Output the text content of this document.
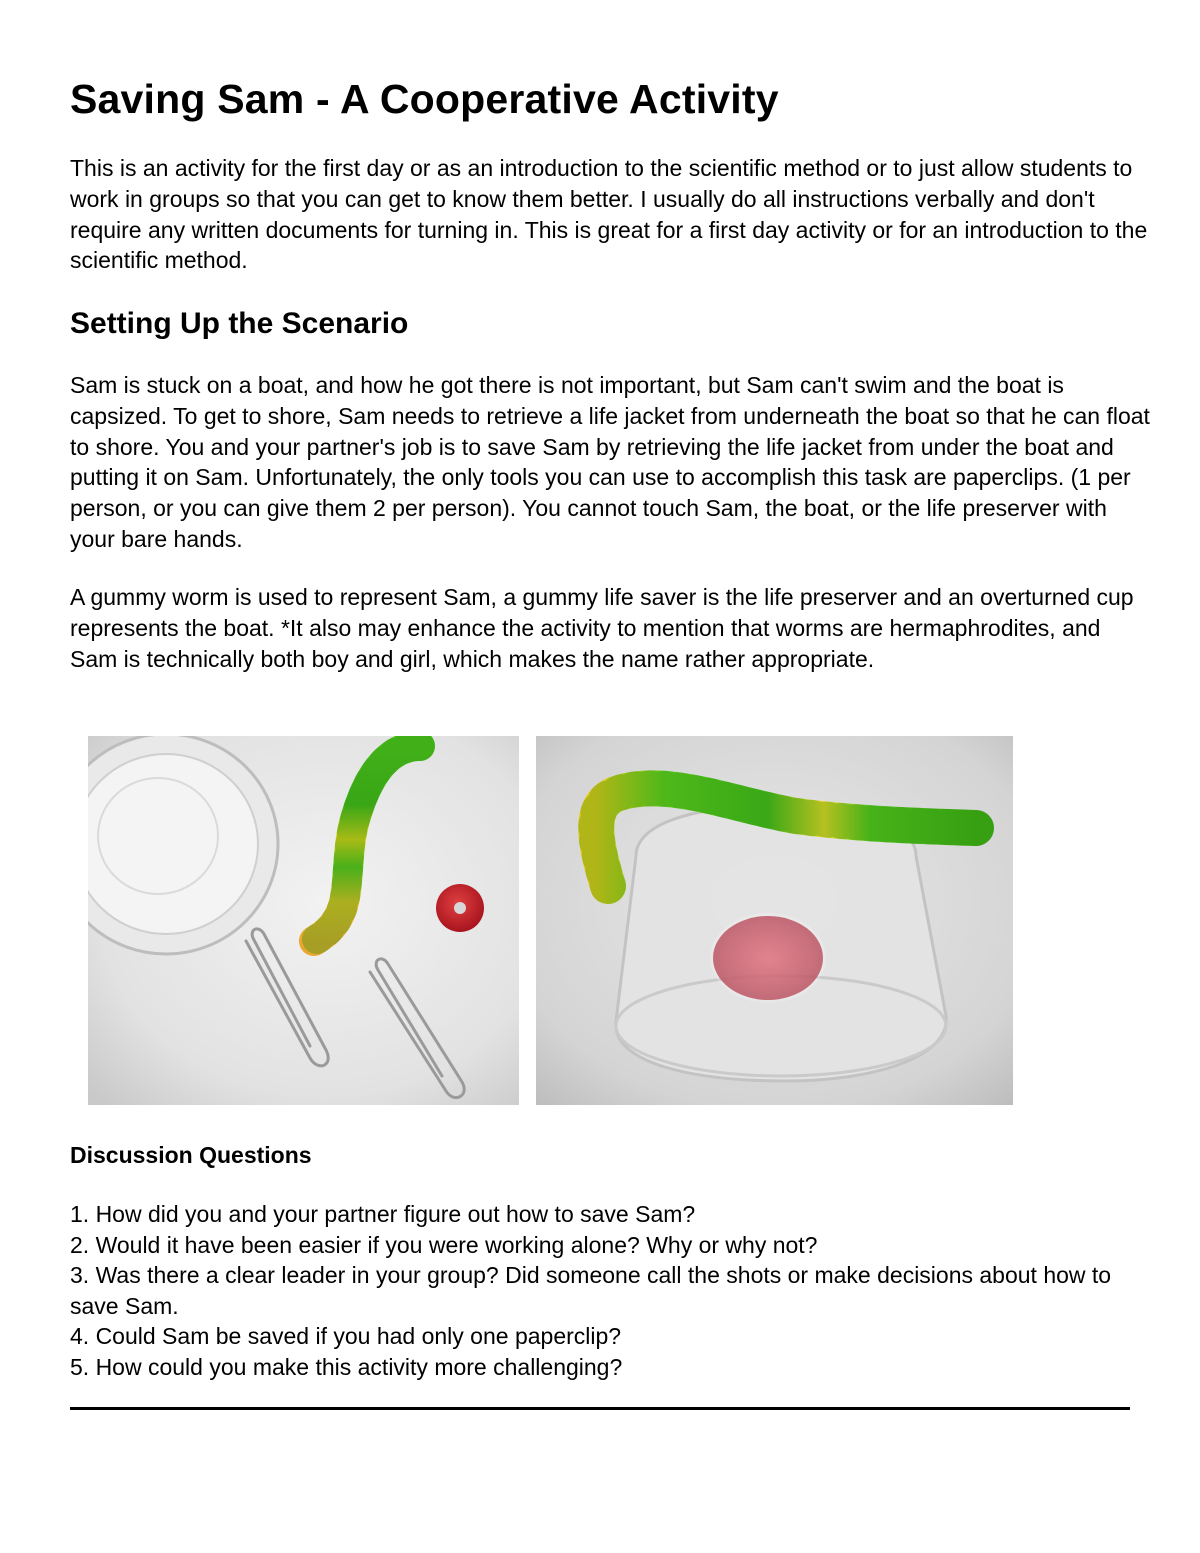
Saving Sam - A Cooperative Activity

This is an activity for the first day or as an introduction to the scientific method or to just allow students to work in groups so that you can get to know them better. I usually do all instructions verbally and don't require any written documents for turning in. This is great for a first day activity or for an introduction to the scientific method.

Setting Up the Scenario

Sam is stuck on a boat, and how he got there is not important, but Sam can't swim and the boat is capsized. To get to shore, Sam needs to retrieve a life jacket from underneath the boat so that he can float to shore. You and your partner's job is to save Sam by retrieving the life jacket from under the boat and putting it on Sam. Unfortunately, the only tools you can use to accomplish this task are paperclips. (1 per person, or you can give them 2 per person). You cannot touch Sam, the boat, or the life preserver with your bare hands.

A gummy worm is used to represent Sam, a gummy life saver is the life preserver and an overturned cup represents the boat. *It also may enhance the activity to mention that worms are hermaphrodites, and Sam is technically both boy and girl, which makes the name rather appropriate.

Discussion Questions
1. How did you and your partner figure out how to save Sam?
2. Would it have been easier if you were working alone? Why or why not?
3. Was there a clear leader in your group? Did someone call the shots or make decisions about how to save Sam.
4. Could Sam be saved if you had only one paperclip?
5. How could you make this activity more challenging?
